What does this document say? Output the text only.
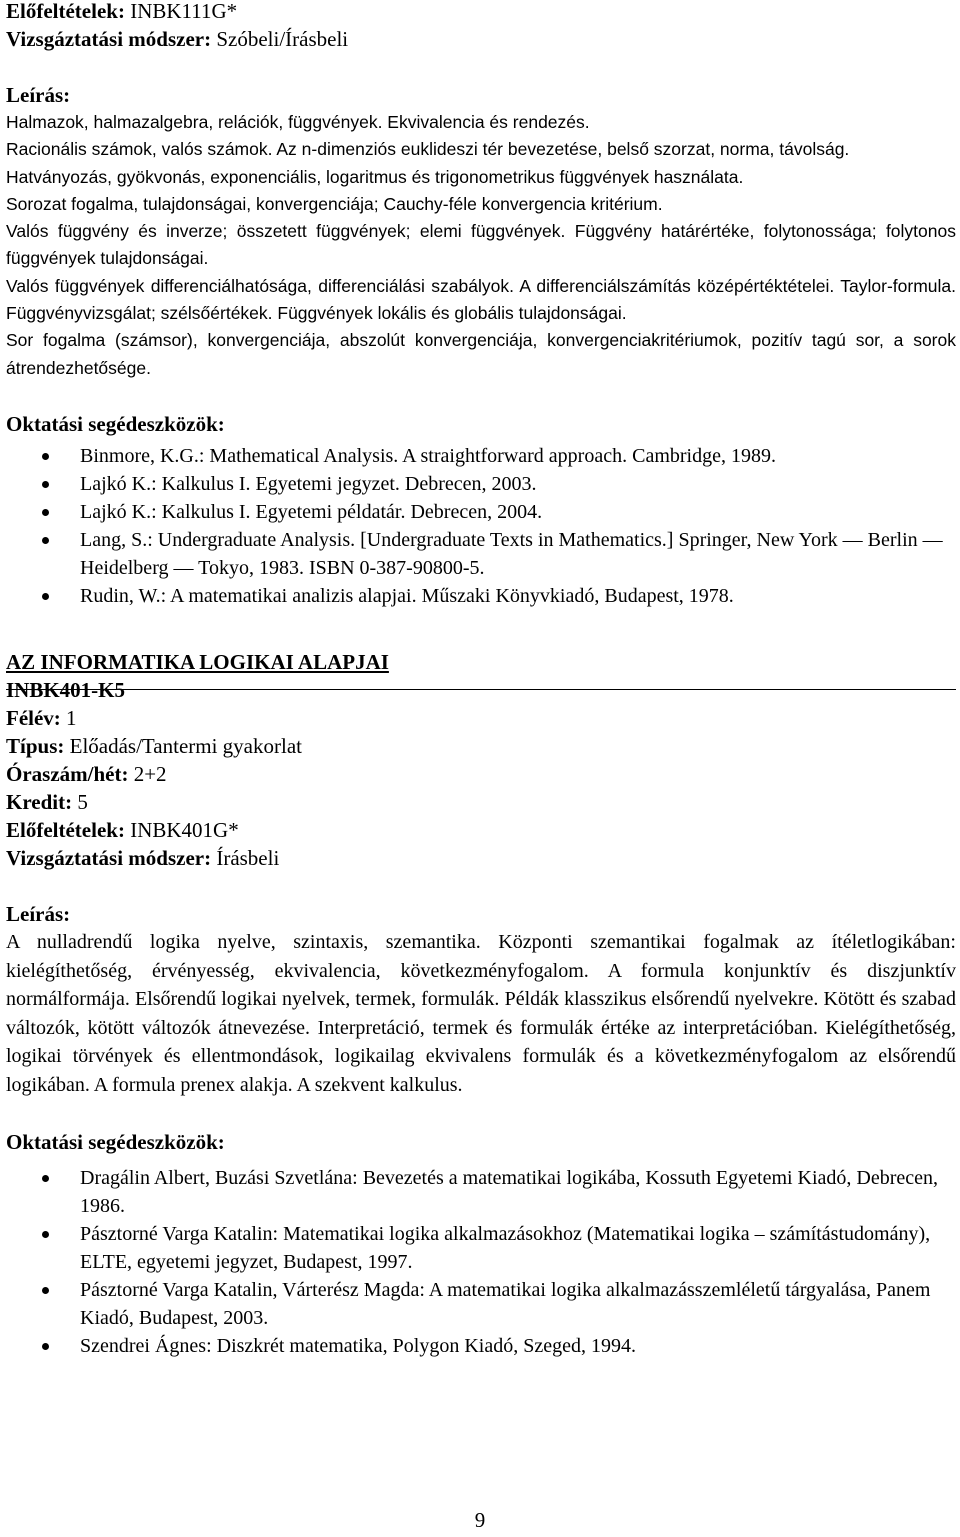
Előfeltételek: INBK111G*

Vizsgáztatási módszer: Szóbeli/Írásbeli

Leírás:

Halmazok, halmazalgebra, relációk, függvények. Ekvivalencia és rendezés.
Racionális számok, valós számok. Az n-dimenziós euklideszi tér bevezetése, belső szorzat, norma, távolság.
Hatványozás, gyökvonás, exponenciális, logaritmus és trigonometrikus függvények használata.
Sorozat fogalma, tulajdonságai, konvergenciája; Cauchy-féle konvergencia kritérium.
Valós függvény és inverze; összetett függvények; elemi függvények. Függvény határértéke, folytonossága; folytonos függvények tulajdonságai.
Valós függvények differenciálhatósága, differenciálási szabályok. A differenciálszámítás középértéktételei. Taylor-formula. Függvényvizsgálat; szélsőértékek. Függvények lokális és globális tulajdonságai.
Sor fogalma (számsor), konvergenciája, abszolút konvergenciája, konvergenciakritériumok, pozitív tagú sor, a sorok átrendezhetősége.

Oktatási segédeszközök:

Binmore, K.G.: Mathematical Analysis. A straightforward approach. Cambridge, 1989.
Lajkó K.: Kalkulus I. Egyetemi jegyzet. Debrecen, 2003.
Lajkó K.: Kalkulus I. Egyetemi példatár. Debrecen, 2004.
Lang, S.: Undergraduate Analysis. [Undergraduate Texts in Mathematics.] Springer, New York ― Berlin ― Heidelberg ― Tokyo, 1983. ISBN 0-387-90800-5.
Rudin, W.: A matematikai analizis alapjai. Műszaki Könyvkiadó, Budapest, 1978.

AZ INFORMATIKA LOGIKAI ALAPJAI

INBK401-K5

Félév: 1

Típus: Előadás/Tantermi gyakorlat

Óraszám/hét: 2+2

Kredit: 5

Előfeltételek: INBK401G*

Vizsgáztatási módszer: Írásbeli

Leírás:

A nulladrendű logika nyelve, szintaxis, szemantika. Központi szemantikai fogalmak az ítéletlogikában: kielégíthetőség, érvényesség, ekvivalencia, következményfogalom. A formula konjunktív és diszjunktív normálformája. Elsőrendű logikai nyelvek, termek, formulák. Példák klasszikus elsőrendű nyelvekre. Kötött és szabad változók, kötött változók átnevezése. Interpretáció, termek és formulák értéke az interpretációban. Kielégíthetőség, logikai törvények és ellentmondások, logikailag ekvivalens formulák és a következményfogalom az elsőrendű logikában. A formula prenex alakja. A szekvent kalkulus.

Oktatási segédeszközök:

Dragálin Albert, Buzási Szvetlána: Bevezetés a matematikai logikába, Kossuth Egyetemi Kiadó, Debrecen, 1986.
Pásztorné Varga Katalin: Matematikai logika alkalmazásokhoz (Matematikai logika – számítástudomány), ELTE, egyetemi jegyzet, Budapest, 1997.
Pásztorné Varga Katalin, Várterész Magda: A matematikai logika alkalmazásszemléletű tárgyalása, Panem Kiadó, Budapest, 2003.
Szendrei Ágnes: Diszkrét matematika, Polygon Kiadó, Szeged, 1994.
9
